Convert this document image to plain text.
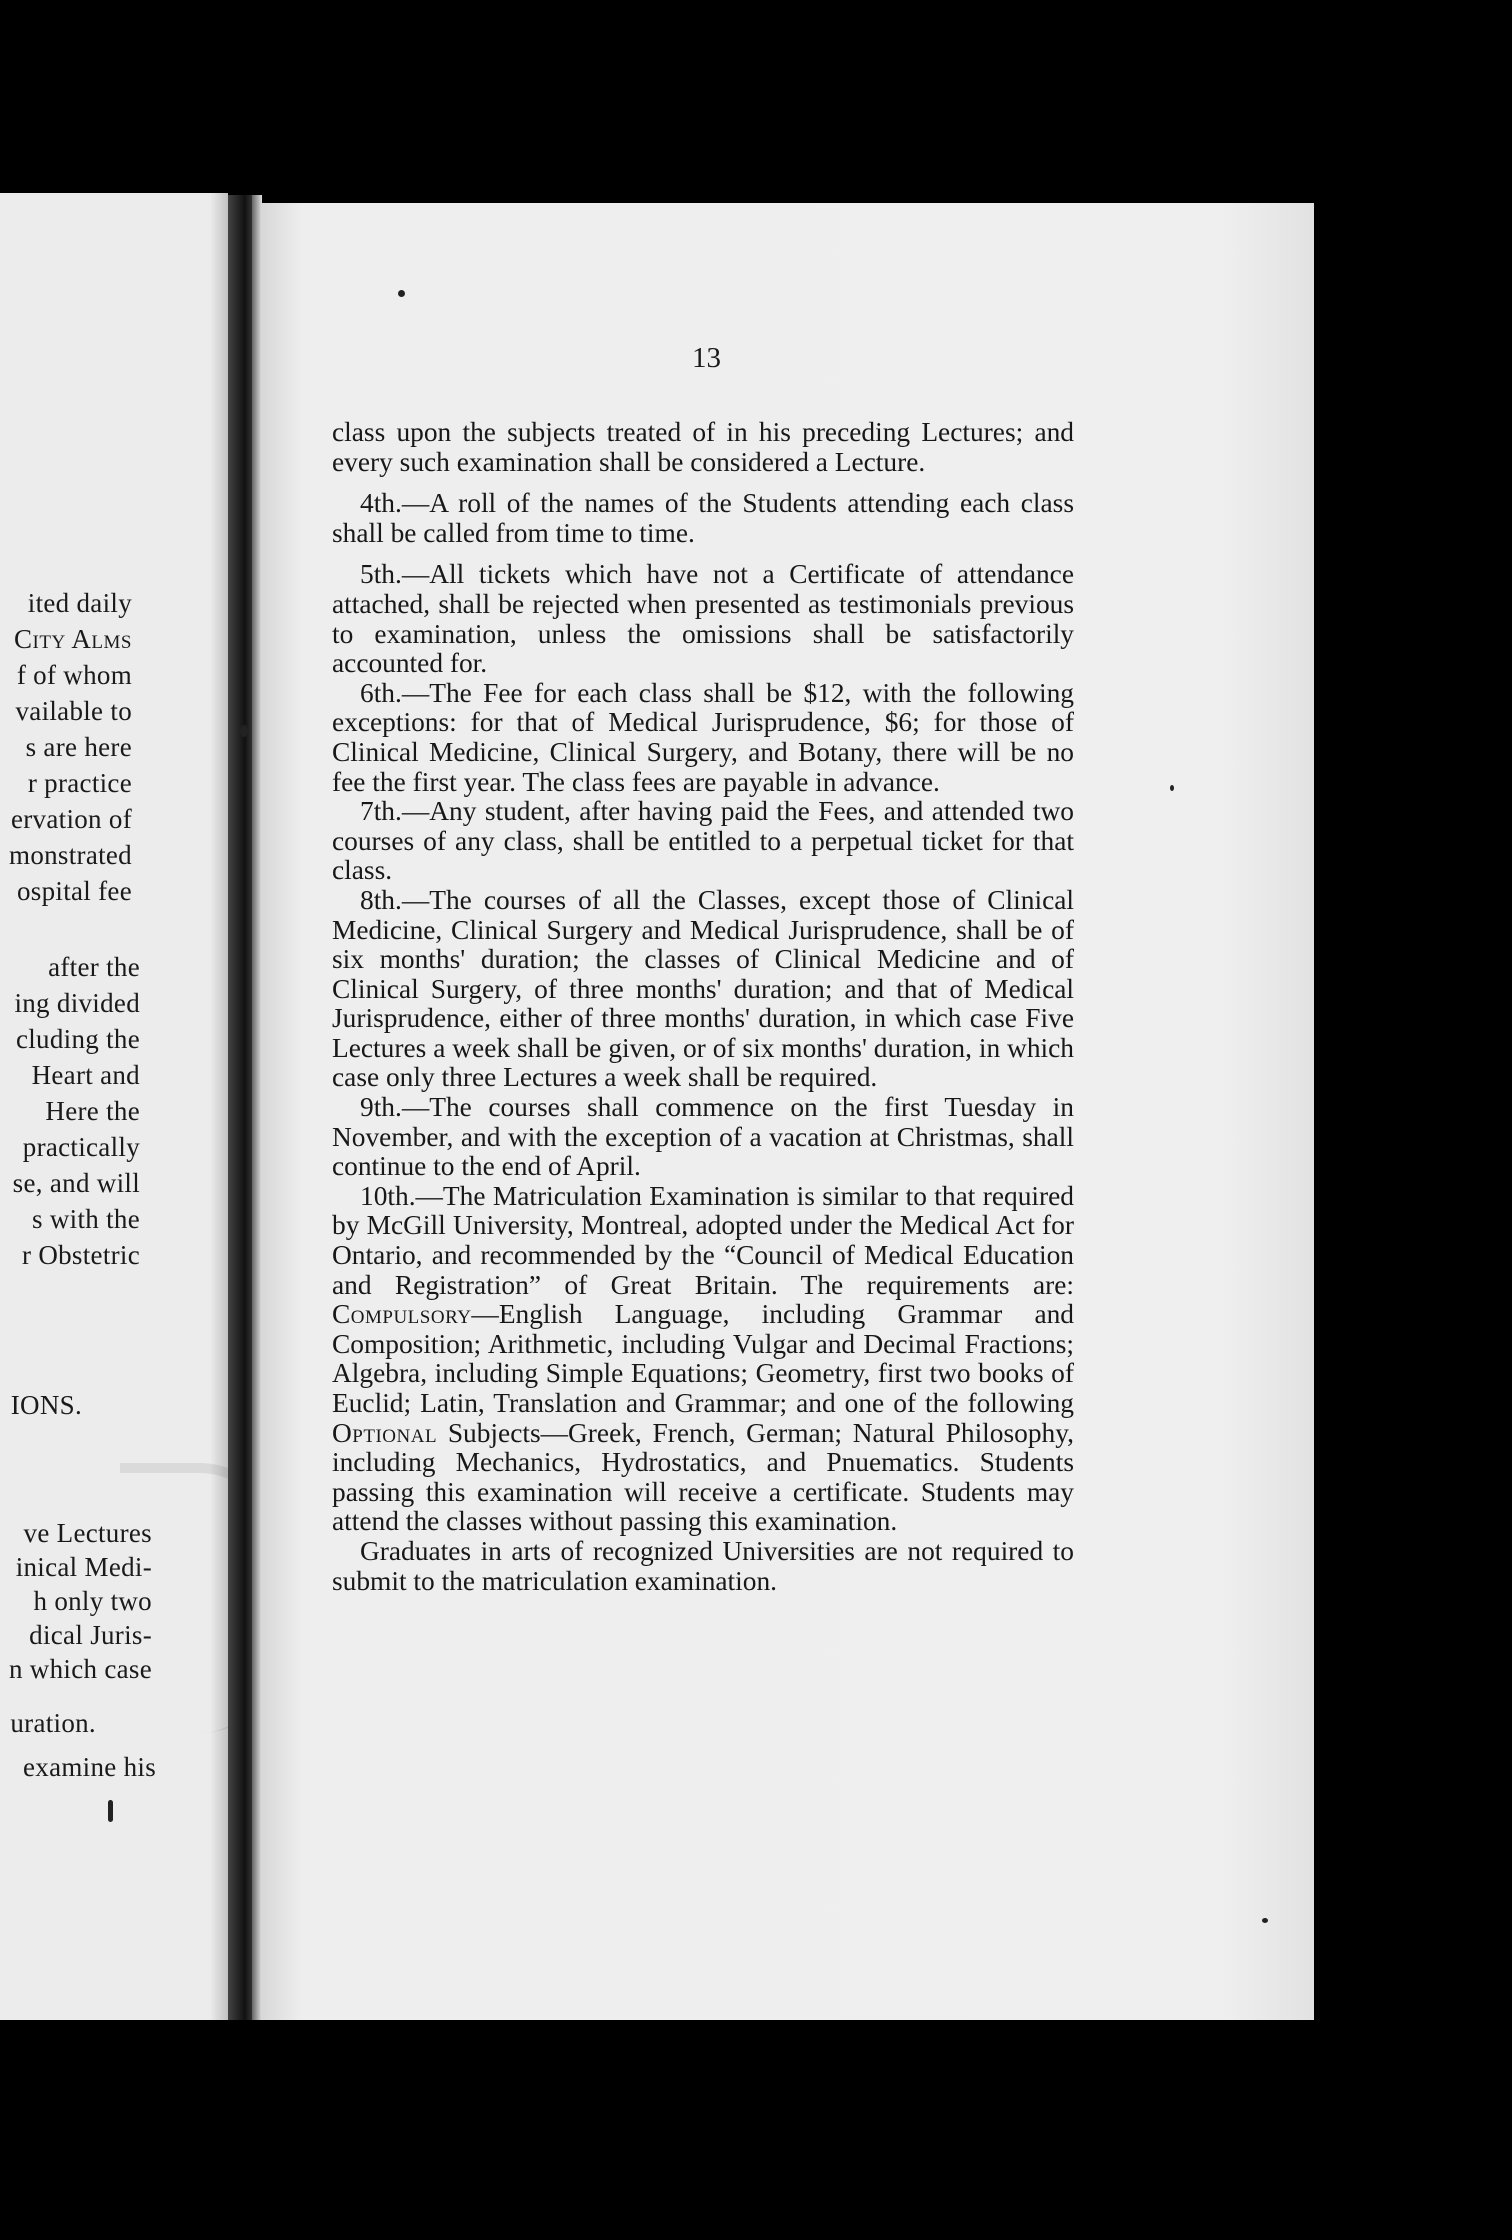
ited daily
City Alms
f of whom
vailable to
s are here
r practice
ervation of
monstrated
ospital fee
after the
ing divided
cluding the
Heart and
Here the
practically
se, and will
s with the
r Obstetric
IONS.
ve Lectures
inical Medi-
h only two
dical Juris-
n which case
uration.
examine his
13

class upon the subjects treated of in his preceding Lectures; and every such examination shall be considered a Lecture.

4th.—A roll of the names of the Students attending each class shall be called from time to time.

5th.—All tickets which have not a Certificate of attendance attached, shall be rejected when presented as testimonials previous to examination, unless the omissions shall be satisfactorily accounted for.

6th.—The Fee for each class shall be $12, with the following exceptions: for that of Medical Jurisprudence, $6; for those of Clinical Medicine, Clinical Surgery, and Botany, there will be no fee the first year. The class fees are payable in advance.

7th.—Any student, after having paid the Fees, and attended two courses of any class, shall be entitled to a perpetual ticket for that class.

8th.—The courses of all the Classes, except those of Clinical Medicine, Clinical Surgery and Medical Jurisprudence, shall be of six months' duration; the classes of Clinical Medicine and of Clinical Surgery, of three months' duration; and that of Medical Jurisprudence, either of three months' duration, in which case Five Lectures a week shall be given, or of six months' duration, in which case only three Lectures a week shall be required.

9th.—The courses shall commence on the first Tuesday in November, and with the exception of a vacation at Christmas, shall continue to the end of April.

10th.—The Matriculation Examination is similar to that required by McGill University, Montreal, adopted under the Medical Act for Ontario, and recommended by the “Council of Medical Education and Registration” of Great Britain. The requirements are: Compulsory—English Language, including Grammar and Composition; Arithmetic, including Vulgar and Decimal Fractions; Algebra, including Simple Equations; Geometry, first two books of Euclid; Latin, Translation and Grammar; and one of the following Optional Subjects—Greek, French, German; Natural Philosophy, including Mechanics, Hydrostatics, and Pnuematics. Students passing this examination will receive a certificate. Students may attend the classes without passing this examination.

Graduates in arts of recognized Universities are not required to submit to the matriculation examination.
